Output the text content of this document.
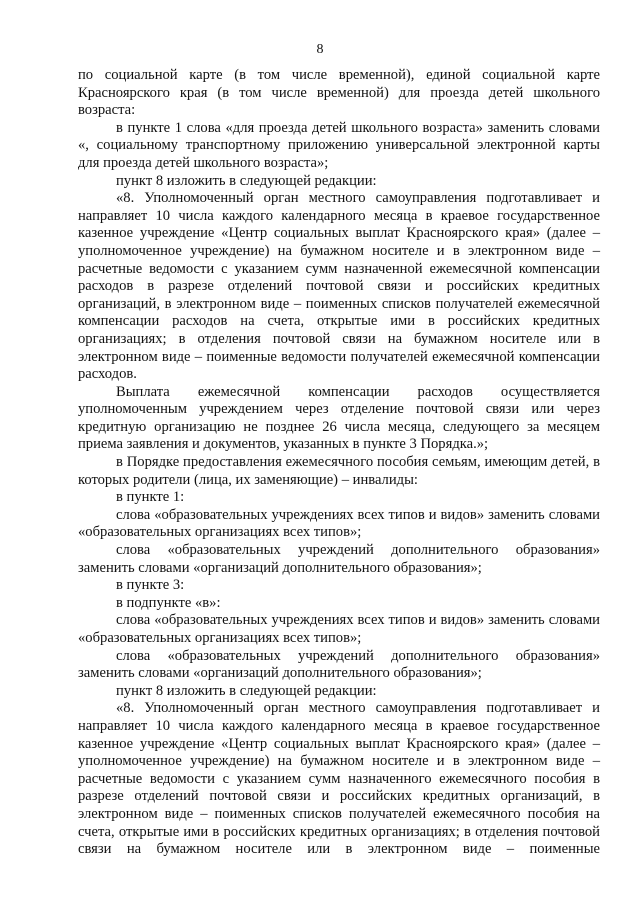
8

по социальной карте (в том числе временной), единой социальной карте Красноярского края (в том числе временной) для проезда детей школьного возраста:

в пункте 1 слова «для проезда детей школьного возраста» заменить словами «, социальному транспортному приложению универсальной электронной карты для проезда детей школьного возраста»;

пункт 8 изложить в следующей редакции:

«8. Уполномоченный орган местного самоуправления подготавливает и направляет 10 числа каждого календарного месяца в краевое государственное казенное учреждение «Центр социальных выплат Красноярского края» (далее – уполномоченное учреждение) на бумажном носителе и в электронном виде – расчетные ведомости с указанием сумм назначенной ежемесячной компенсации расходов в разрезе отделений почтовой связи и российских кредитных организаций, в электронном виде – поименных списков получателей ежемесячной компенсации расходов на счета, открытые ими в российских кредитных организациях; в отделения почтовой связи на бумажном носителе или в электронном виде – поименные ведомости получателей ежемесячной компенсации расходов.

Выплата ежемесячной компенсации расходов осуществляется уполномоченным учреждением через отделение почтовой связи или через кредитную организацию не позднее 26 числа месяца, следующего за месяцем приема заявления и документов, указанных в пункте 3 Порядка.»;

в Порядке предоставления ежемесячного пособия семьям, имеющим детей, в которых родители (лица, их заменяющие) – инвалиды:

в пункте 1:

слова «образовательных учреждениях всех типов и видов» заменить словами «образовательных организациях всех типов»;

слова «образовательных учреждений дополнительного образования» заменить словами «организаций дополнительного образования»;

в пункте 3:

в подпункте «в»:

слова «образовательных учреждениях всех типов и видов» заменить словами «образовательных организациях всех типов»;

слова «образовательных учреждений дополнительного образования» заменить словами «организаций дополнительного образования»;

пункт 8 изложить в следующей редакции:

«8. Уполномоченный орган местного самоуправления подготавливает и направляет 10 числа каждого календарного месяца в краевое государственное казенное учреждение «Центр социальных выплат Красноярского края» (далее – уполномоченное учреждение) на бумажном носителе и в электронном виде – расчетные ведомости с указанием сумм назначенного ежемесячного пособия в разрезе отделений почтовой связи и российских кредитных организаций, в электронном виде – поименных списков получателей ежемесячного пособия на счета, открытые ими в российских кредитных организациях; в отделения почтовой связи на бумажном носителе или в электронном виде – поименные
